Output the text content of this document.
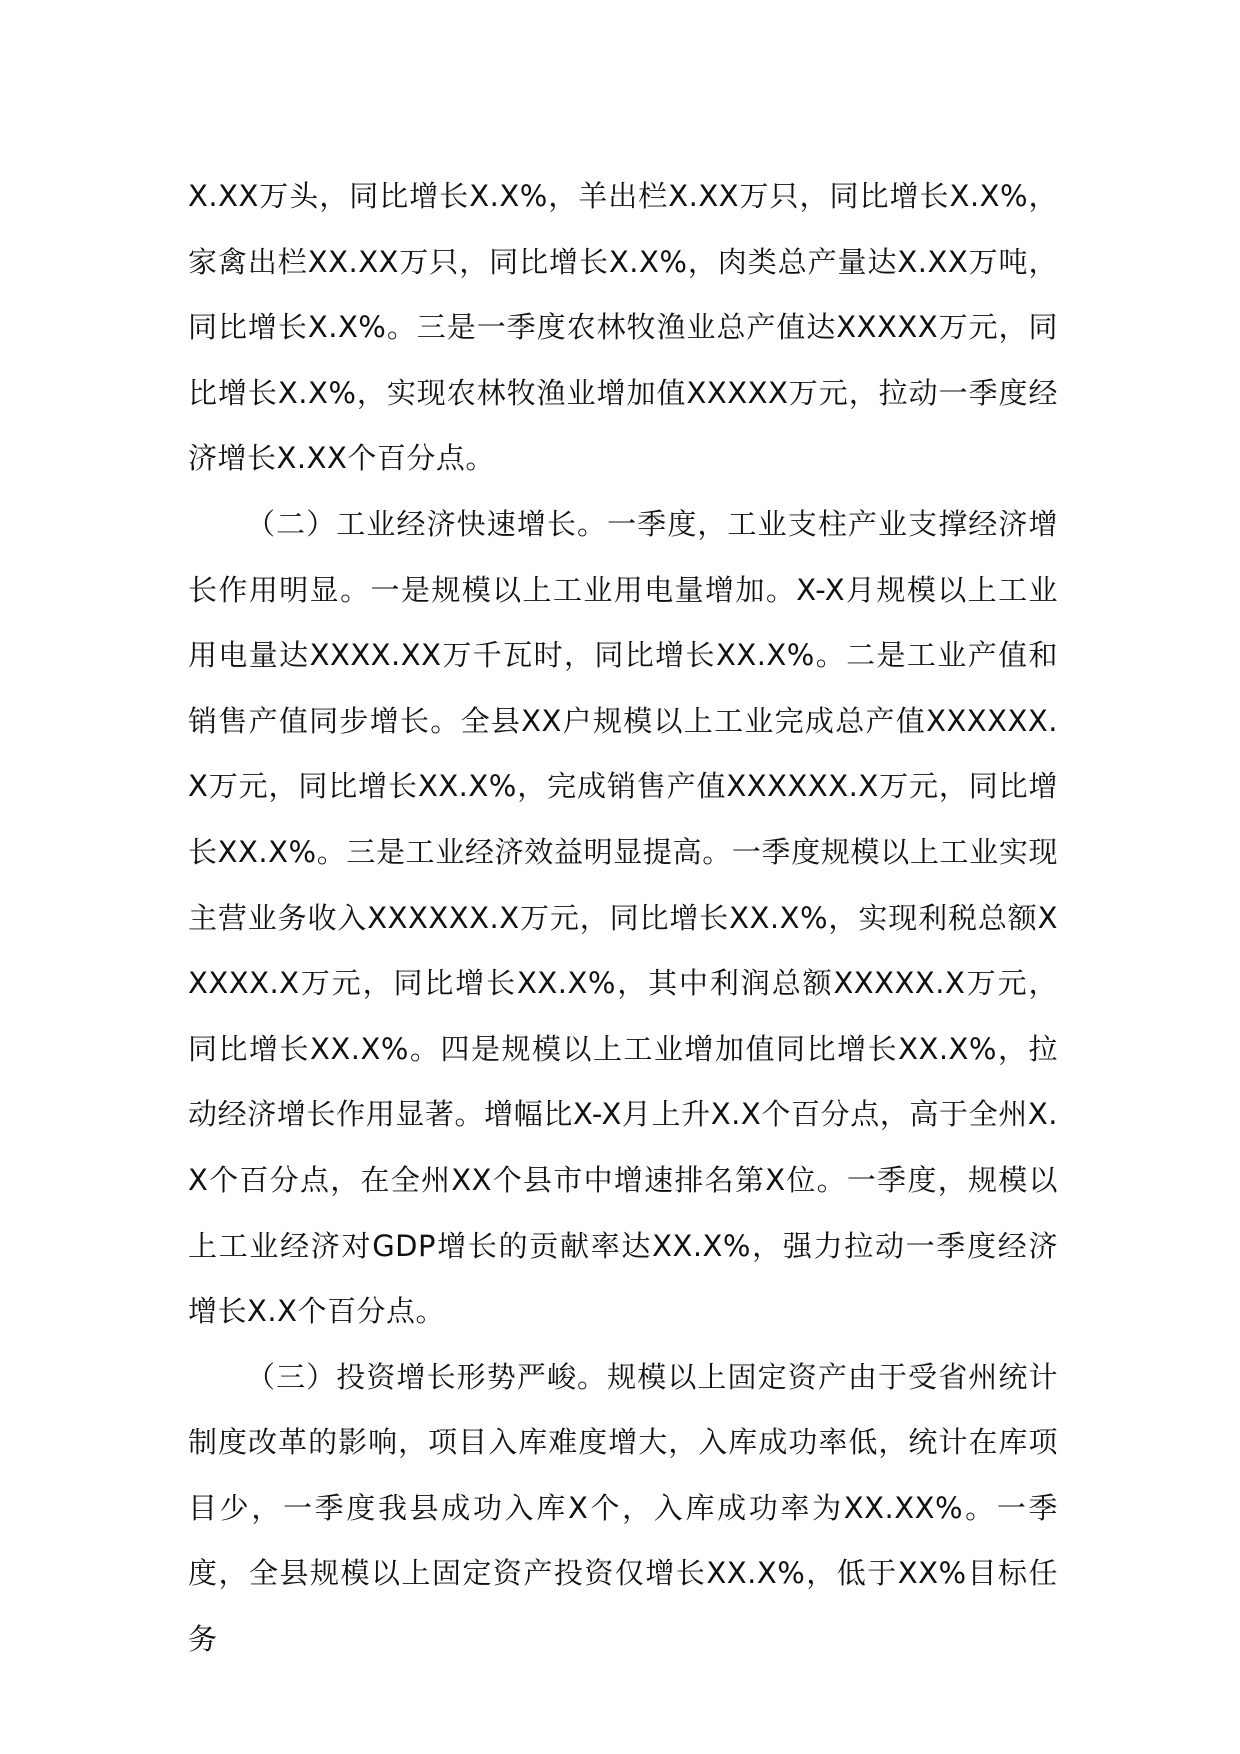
X.XX万头，同比增长X.X%，羊出栏X.XX万只，同比增长X.X%，家禽出栏XX.XX万只，同比增长X.X%，肉类总产量达X.XX万吨，同比增长X.X%。三是一季度农林牧渔业总产值达XXXXX万元，同比增长X.X%，实现农林牧渔业增加值XXXXX万元，拉动一季度经济增长X.XX个百分点。

（二）工业经济快速增长。一季度，工业支柱产业支撑经济增长作用明显。一是规模以上工业用电量增加。X-X月规模以上工业用电量达XXXX.XX万千瓦时，同比增长XX.X%。二是工业产值和销售产值同步增长。全县XX户规模以上工业完成总产值XXXXXX.X万元，同比增长XX.X%，完成销售产值XXXXXX.X万元，同比增长XX.X%。三是工业经济效益明显提高。一季度规模以上工业实现主营业务收入XXXXXX.X万元，同比增长XX.X%，实现利税总额XXXXX.X万元，同比增长XX.X%，其中利润总额XXXXX.X万元，同比增长XX.X%。四是规模以上工业增加值同比增长XX.X%，拉动经济增长作用显著。增幅比X-X月上升X.X个百分点，高于全州X.X个百分点，在全州XX个县市中增速排名第X位。一季度，规模以上工业经济对GDP增长的贡献率达XX.X%，强力拉动一季度经济增长X.X个百分点。

（三）投资增长形势严峻。规模以上固定资产由于受省州统计制度改革的影响，项目入库难度增大，入库成功率低，统计在库项目少，一季度我县成功入库X个，入库成功率为XX.XX%。一季度，全县规模以上固定资产投资仅增长XX.X%，低于XX%目标任务
